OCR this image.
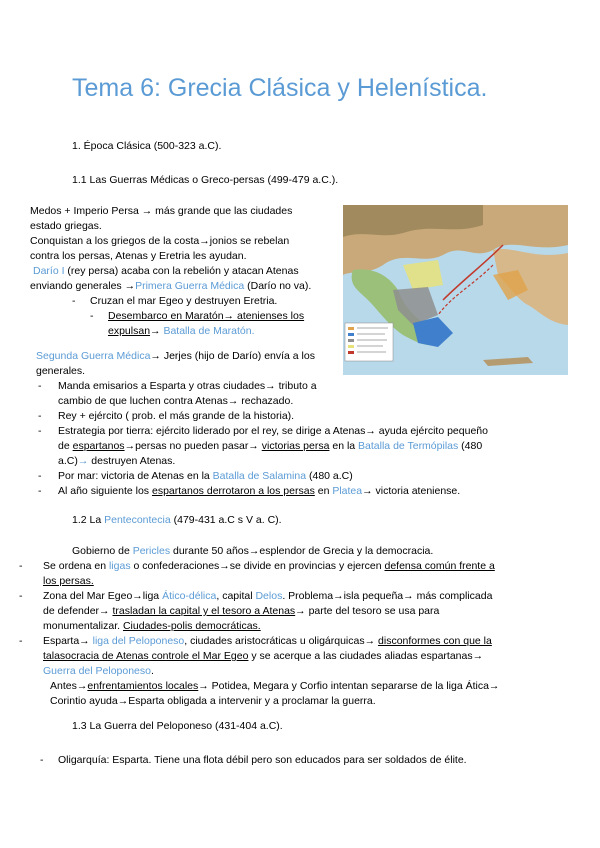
Tema 6: Grecia Clásica y Helenística.
1. Época Clásica (500-323 a.C).
1.1 Las Guerras Médicas o Greco-persas (499-479 a.C.).
Medos + Imperio Persa → más grande que las ciudades
estado griegas.
Conquistan a los griegos de la costa→jonios se rebelan
contra los persas, Atenas y Eretria les ayudan.
Darío I (rey persa) acaba con la rebelión y atacan Atenas
enviando generales →Primera Guerra Médica (Darío no va).
- Cruzan el mar Egeo y destruyen Eretria.
- Desembarco en Maratón→ atenienses los
expulsan→ Batalla de Maratón.
Segunda Guerra Médica→ Jerjes (hijo de Darío) envía a los
generales.
- Manda emisarios a Esparta y otras ciudades→ tributo a
cambio de que luchen contra Atenas→ rechazado.
- Rey + ejército ( prob. el más grande de la historia).
- Estrategia por tierra: ejército liderado por el rey, se dirige a Atenas→ ayuda ejército pequeño
de espartanos→persas no pueden pasar→ victorias persa en la Batalla de Termópilas (480
a.C)→ destruyen Atenas.
- Por mar: victoria de Atenas en la Batalla de Salamina (480 a.C)
- Al año siguiente los espartanos derrotaron a los persas en Platea→ victoria ateniense.
1.2 La Pentecontecia (479-431 a.C s V a. C).
Gobierno de Pericles durante 50 años→esplendor de Grecia y la democracia.
- Se ordena en ligas o confederaciones→se divide en provincias y ejercen defensa común frente a
los persas.
- Zona del Mar Egeo→liga Ático-délica, capital Delos. Problema→isla pequeña→ más complicada
de defender→ trasladan la capital y el tesoro a Atenas→ parte del tesoro se usa para
monumentalizar. Ciudades-polis democráticas.
- Esparta→ liga del Peloponeso, ciudades aristocráticas u oligárquicas→ disconformes con que la
talasocracia de Atenas controle el Mar Egeo y se acerque a las ciudades aliadas espartanas→
Guerra del Peloponeso.
Antes→enfrentamientos locales→ Potidea, Megara y Corfio intentan separarse de la liga Ática→
Corintio ayuda→Esparta obligada a intervenir y a proclamar la guerra.
1.3 La Guerra del Peloponeso (431-404 a.C).
- Oligarquía: Esparta. Tiene una flota débil pero son educados para ser soldados de élite.
